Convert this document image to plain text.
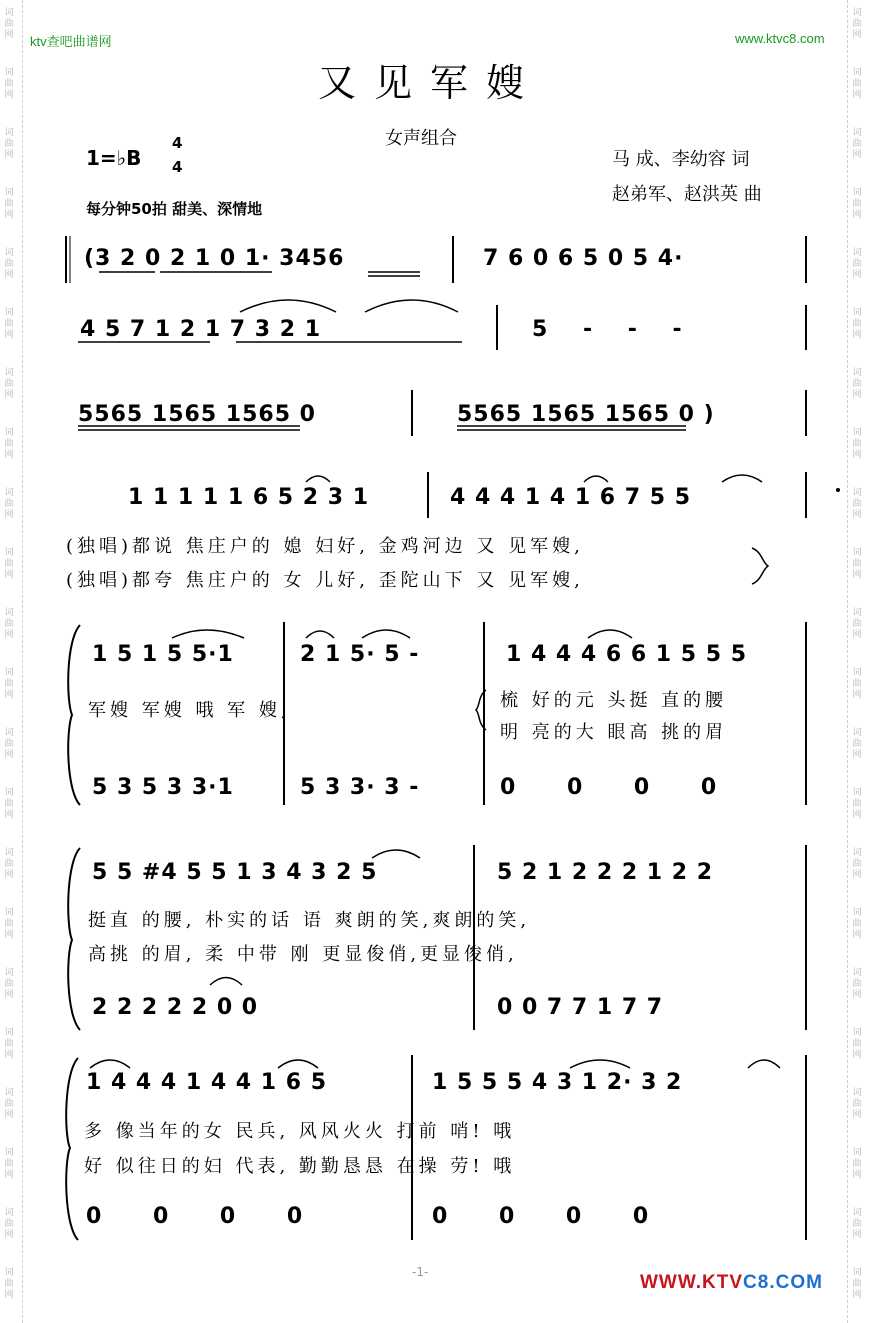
词
曲
网
词
曲
网
词
曲
网
词
曲
网
词
曲
网
词
曲
网
词
曲
网
词
曲
网
词
曲
网
词
曲
网
词
曲
网
词
曲
网
词
曲
网
词
曲
网
词
曲
网
词
曲
网
词
曲
网
词
曲
网
词
曲
网
词
曲
网
词
曲
网
词
曲
网
词
曲
网
词
曲
网
词
曲
网
词
曲
网
词
曲
网
词
曲
网
词
曲
网
词
曲
网
词
曲
网
词
曲
网
词
曲
网
词
曲
网
词
曲
网
词
曲
网
词
曲
网
词
曲
网
词
曲
网
词
曲
网
词
曲
网
词
曲
网
词
曲
网
词
曲
网
ktv查吧曲谱网	www.ktvc8.com
又见军嫂
女声组合
1=♭B
4
4	马 成、李幼容 词
赵弟军、赵洪英 曲
每分钟50拍 甜美、深情地
(3 2 0 2 1 0 1· 3456	7 6 0 6 5 0 5 4·
4 5 7 1 2 1 7 3 2 1	5 - - -
5565 1565 1565 0	5565 1565 1565 0 )
1 1 1 1 1 6 5 2 3 1	4 4 4 1 4 1 6 7 5 5
(独唱)都说 焦庄户的 媳 妇好, 金鸡河边 又 见军嫂,
(独唱)都夸 焦庄户的 女 儿好, 歪陀山下 又 见军嫂,
1 5 1 5 5·1	2 1 5· 5 -	1 4 4 4 6 6 1 5 5 5
军嫂 军嫂 哦 军 嫂,	梳 好的元 头挺 直的腰
明 亮的大 眼高 挑的眉
5 3 5 3 3·1	5 3 3· 3 -	0 0 0 0
5 5 #4 5 5 1 3 4 3 2 5	5 2 1 2 2 2 1 2 2
挺直 的腰, 朴实的话 语 爽朗的笑,爽朗的笑,
高挑 的眉, 柔 中带 刚 更显俊俏,更显俊俏,
2 2 2 2 2 0 0	0 0 7 7 1 7 7
1 4 4 4 1 4 4 1 6 5	1 5 5 5 4 3 1 2· 3 2
多 像当年的女 民兵, 风风火火 打前 哨! 哦
好 似往日的妇 代表, 勤勤恳恳 在操 劳! 哦
0 0 0 0	0 0 0 0
-1-	WWW.KTVC8.COM
